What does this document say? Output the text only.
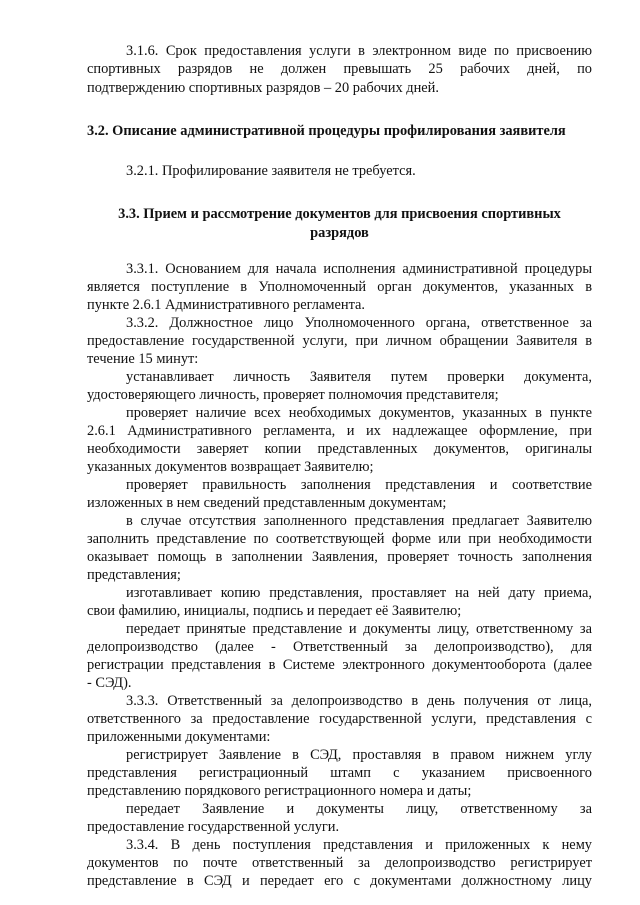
3.1.6. Срок предоставления услуги в электронном виде по присвоению
спортивных разрядов не должен превышать 25 рабочих дней, по
подтверждению спортивных разрядов – 20 рабочих дней.
3.2. Описание административной процедуры профилирования заявителя
3.2.1. Профилирование заявителя не требуется.
3.3. Прием и рассмотрение документов для присвоения спортивных
разрядов
3.3.1. Основанием для начала исполнения административной процедуры
является поступление в Уполномоченный орган документов, указанных в
пункте 2.6.1 Административного регламента.
3.3.2. Должностное лицо Уполномоченного органа, ответственное за
предоставление государственной услуги, при личном обращении Заявителя в
течение 15 минут:
устанавливает личность Заявителя путем проверки документа,
удостоверяющего личность, проверяет полномочия представителя;
проверяет наличие всех необходимых документов, указанных в пункте
2.6.1 Административного регламента, и их надлежащее оформление, при
необходимости заверяет копии представленных документов, оригиналы
указанных документов возвращает Заявителю;
проверяет правильность заполнения представления и соответствие
изложенных в нем сведений представленным документам;
в случае отсутствия заполненного представления предлагает Заявителю
заполнить представление по соответствующей форме или при необходимости
оказывает помощь в заполнении Заявления, проверяет точность заполнения
представления;
изготавливает копию представления, проставляет на ней дату приема,
свои фамилию, инициалы, подпись и передает её Заявителю;
передает принятые представление и документы лицу, ответственному за
делопроизводство (далее - Ответственный за делопроизводство), для
регистрации представления в Системе электронного документооборота (далее
- СЭД).
3.3.3. Ответственный за делопроизводство в день получения от лица,
ответственного за предоставление государственной услуги, представления с
приложенными документами:
регистрирует Заявление в СЭД, проставляя в правом нижнем углу
представления регистрационный штамп с указанием присвоенного
представлению порядкового регистрационного номера и даты;
передает Заявление и документы лицу, ответственному за
предоставление государственной услуги.
3.3.4. В день поступления представления и приложенных к нему
документов по почте ответственный за делопроизводство регистрирует
представление в СЭД и передает его с документами должностному лицу
